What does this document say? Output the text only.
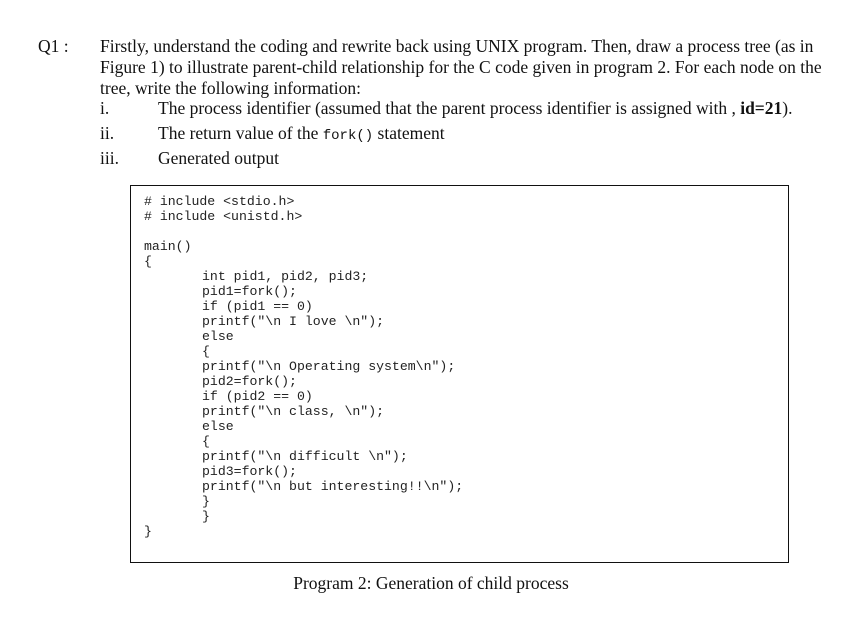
Q1 : Firstly, understand the coding and rewrite back using UNIX program. Then, draw a process tree (as in Figure 1) to illustrate parent-child relationship for the C code given in program 2. For each node on the tree, write the following information:
i.	The process identifier (assumed that the parent process identifier is assigned with , id=21).
ii.	The return value of the fork() statement
iii. Generated output
# include <stdio.h>
# include <unistd.h>
main()
{
int pid1, pid2, pid3;
pid1=fork();
if (pid1 == 0)
printf("\n I love \n");
else
{
printf("\n Operating system\n");
pid2=fork();
if (pid2 == 0)
printf("\n class, \n");
else
{
printf("\n difficult \n");
pid3=fork();
printf("\n but interesting!!\n");
}
}
}
Program 2: Generation of child process
